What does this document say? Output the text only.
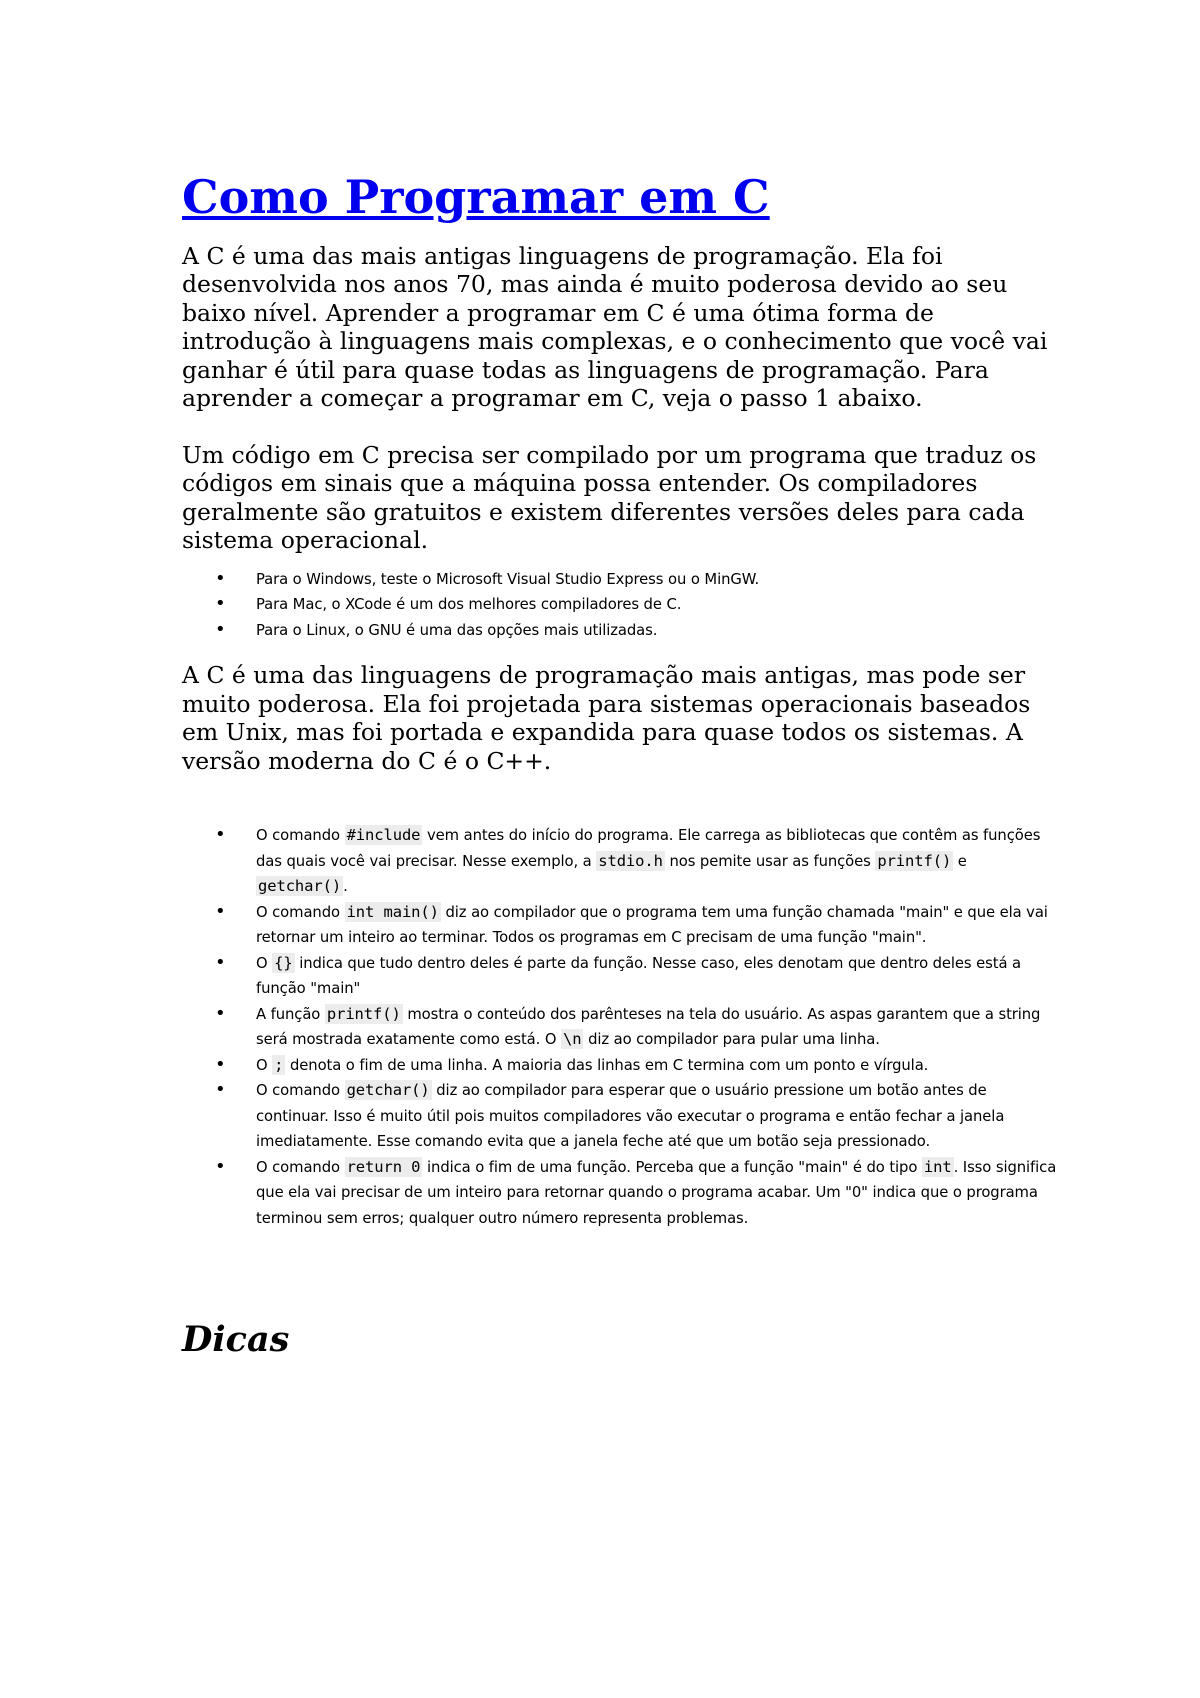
Como Programar em C

A C é uma das mais antigas linguagens de programação. Ela foi desenvolvida nos anos 70, mas ainda é muito poderosa devido ao seu baixo nível. Aprender a programar em C é uma ótima forma de introdução à linguagens mais complexas, e o conhecimento que você vai ganhar é útil para quase todas as linguagens de programação. Para aprender a começar a programar em C, veja o passo 1 abaixo.

Um código em C precisa ser compilado por um programa que traduz os códigos em sinais que a máquina possa entender. Os compiladores geralmente são gratuitos e existem diferentes versões deles para cada sistema operacional.

• Para o Windows, teste o Microsoft Visual Studio Express ou o MinGW.
• Para Mac, o XCode é um dos melhores compiladores de C.
• Para o Linux, o GNU é uma das opções mais utilizadas.

A C é uma das linguagens de programação mais antigas, mas pode ser muito poderosa. Ela foi projetada para sistemas operacionais baseados em Unix, mas foi portada e expandida para quase todos os sistemas. A versão moderna do C é o C++.

• O comando #include vem antes do início do programa. Ele carrega as bibliotecas que contêm as funções das quais você vai precisar. Nesse exemplo, a stdio.h nos pemite usar as funções printf() e getchar() .
• O comando int main() diz ao compilador que o programa tem uma função chamada "main" e que ela vai retornar um inteiro ao terminar. Todos os programas em C precisam de uma função "main".
• O {} indica que tudo dentro deles é parte da função. Nesse caso, eles denotam que dentro deles está a função "main"
• A função printf() mostra o conteúdo dos parênteses na tela do usuário. As aspas garantem que a string será mostrada exatamente como está. O \n diz ao compilador para pular uma linha.
• O ; denota o fim de uma linha. A maioria das linhas em C termina com um ponto e vírgula.
• O comando getchar() diz ao compilador para esperar que o usuário pressione um botão antes de continuar. Isso é muito útil pois muitos compiladores vão executar o programa e então fechar a janela imediatamente. Esse comando evita que a janela feche até que um botão seja pressionado.
• O comando return 0 indica o fim de uma função. Perceba que a função "main" é do tipo int . Isso significa que ela vai precisar de um inteiro para retornar quando o programa acabar. Um "0" indica que o programa terminou sem erros; qualquer outro número representa problemas.
Dicas
